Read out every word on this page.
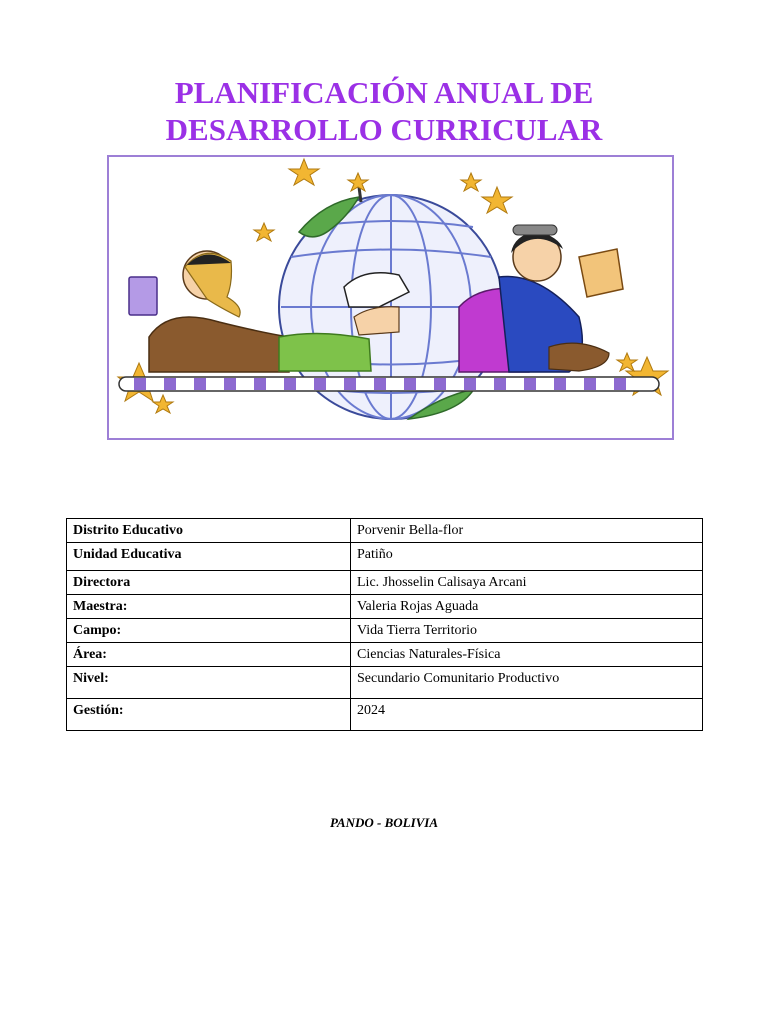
PLANIFICACIÓN ANUAL DE
DESARROLLO CURRICULAR
Distrito Educativo	Porvenir Bella-flor
Unidad Educativa	Patiño
Directora	Lic. Jhosselin Calisaya Arcani
Maestra:	Valeria Rojas Aguada
Campo:	Vida Tierra Territorio
Área:	Ciencias Naturales-Física
Nivel:	Secundario Comunitario Productivo
Gestión:	2024
PANDO - BOLIVIA
